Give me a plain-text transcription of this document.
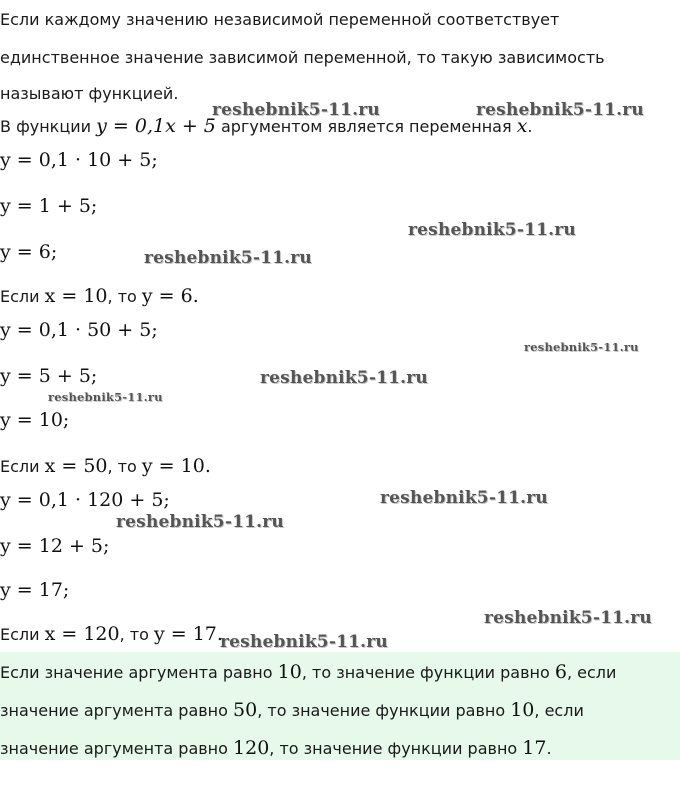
Если каждому значению независимой переменной соответствует
единственное значение зависимой переменной, то такую зависимость
называют функцией.
В функции y = 0,1x + 5 аргументом является переменная x.
y = 0,1 · 10 + 5;
y = 1 + 5;
y = 6;
Если x = 10, то y = 6.
y = 0,1 · 50 + 5;
y = 5 + 5;
y = 10;
Если x = 50, то y = 10.
y = 0,1 · 120 + 5;
y = 12 + 5;
y = 17;
Если x = 120, то y = 17.
Если значение аргумента равно 10, то значение функции равно 6, если
значение аргумента равно 50, то значение функции равно 10, если
значение аргумента равно 120, то значение функции равно 17.
reshebnik5-11.ru	reshebnik5-11.ru
reshebnik5-11.ru
reshebnik5-11.ru
reshebnik5-11.ru
reshebnik5-11.ru
reshebnik5-11.ru
reshebnik5-11.ru
reshebnik5-11.ru
reshebnik5-11.ru
reshebnik5-11.ru
